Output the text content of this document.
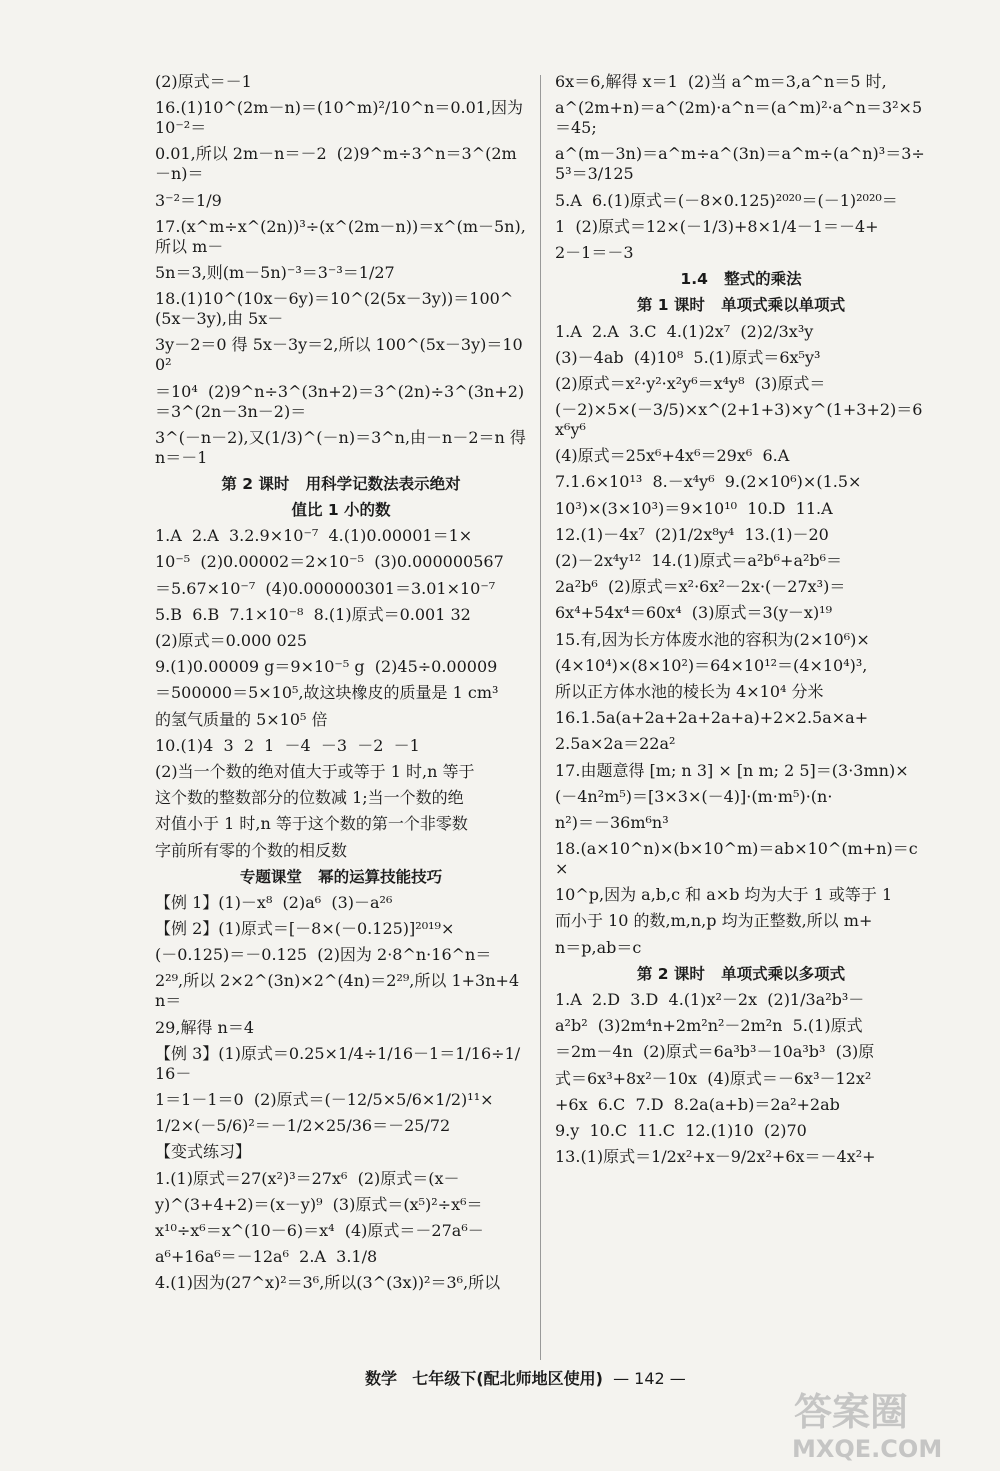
(2)原式＝－1
16.(1)10^(2m－n)＝(10^m)²/10^n＝0.01,因为 10⁻²＝
0.01,所以 2m－n＝－2  (2)9^m÷3^n＝3^(2m－n)＝
3⁻²＝1/9
17.(x^m÷x^(2n))³÷(x^(2m－n))＝x^(m－5n),所以 m－
5n＝3,则(m－5n)⁻³＝3⁻³＝1/27
18.(1)10^(10x－6y)＝10^(2(5x－3y))＝100^(5x－3y),由 5x－
3y－2＝0 得 5x－3y＝2,所以 100^(5x－3y)＝100²
＝10⁴  (2)9^n÷3^(3n+2)＝3^(2n)÷3^(3n+2)＝3^(2n－3n－2)＝
3^(－n－2),又(1/3)^(－n)＝3^n,由－n－2＝n 得 n＝－1
第 2 课时   用科学记数法表示绝对
值比 1 小的数
1.A  2.A  3.2.9×10⁻⁷  4.(1)0.00001＝1×
10⁻⁵  (2)0.00002＝2×10⁻⁵  (3)0.000000567
＝5.67×10⁻⁷  (4)0.000000301＝3.01×10⁻⁷
5.B  6.B  7.1×10⁻⁸  8.(1)原式＝0.001 32
(2)原式＝0.000 025
9.(1)0.00009 g＝9×10⁻⁵ g  (2)45÷0.00009
＝500000＝5×10⁵,故这块橡皮的质量是 1 cm³
的氢气质量的 5×10⁵ 倍
10.(1)4  3  2  1  －4  －3  －2  －1
(2)当一个数的绝对值大于或等于 1 时,n 等于
这个数的整数部分的位数减 1;当一个数的绝
对值小于 1 时,n 等于这个数的第一个非零数
字前所有零的个数的相反数
专题课堂   幂的运算技能技巧
【例 1】(1)－x⁸  (2)a⁶  (3)－a²⁶
【例 2】(1)原式＝[－8×(－0.125)]²⁰¹⁹×
(－0.125)＝－0.125  (2)因为 2·8^n·16^n＝
2²⁹,所以 2×2^(3n)×2^(4n)＝2²⁹,所以 1+3n+4n＝
29,解得 n＝4
【例 3】(1)原式＝0.25×1/4÷1/16－1＝1/16÷1/16－
1＝1－1＝0  (2)原式＝(－12/5×5/6×1/2)¹¹×
1/2×(－5/6)²＝－1/2×25/36＝－25/72
【变式练习】
1.(1)原式＝27(x²)³＝27x⁶  (2)原式＝(x－
y)^(3+4+2)＝(x－y)⁹  (3)原式＝(x⁵)²÷x⁶＝
x¹⁰÷x⁶＝x^(10－6)＝x⁴  (4)原式＝－27a⁶－
a⁶+16a⁶＝－12a⁶  2.A  3.1/8
4.(1)因为(27^x)²＝3⁶,所以(3^(3x))²＝3⁶,所以
6x＝6,解得 x＝1  (2)当 a^m＝3,a^n＝5 时,
a^(2m+n)＝a^(2m)·a^n＝(a^m)²·a^n＝3²×5＝45;
a^(m－3n)＝a^m÷a^(3n)＝a^m÷(a^n)³＝3÷5³＝3/125
5.A  6.(1)原式＝(－8×0.125)²⁰²⁰＝(－1)²⁰²⁰＝
1  (2)原式＝12×(－1/3)+8×1/4－1＝－4+
2－1＝－3
1.4   整式的乘法
第 1 课时   单项式乘以单项式
1.A  2.A  3.C  4.(1)2x⁷  (2)2/3x³y
(3)－4ab  (4)10⁸  5.(1)原式＝6x⁵y³
(2)原式＝x²·y²·x²y⁶＝x⁴y⁸  (3)原式＝
(－2)×5×(－3/5)×x^(2+1+3)×y^(1+3+2)＝6x⁶y⁶
(4)原式＝25x⁶+4x⁶＝29x⁶  6.A
7.1.6×10¹³  8.－x⁴y⁶  9.(2×10⁶)×(1.5×
10³)×(3×10³)＝9×10¹⁰  10.D  11.A
12.(1)－4x⁷  (2)1/2x⁸y⁴  13.(1)－20
(2)－2x⁴y¹²  14.(1)原式＝a²b⁶+a²b⁶＝
2a²b⁶  (2)原式＝x²·6x²－2x·(－27x³)＝
6x⁴+54x⁴＝60x⁴  (3)原式＝3(y－x)¹⁹
15.有,因为长方体废水池的容积为(2×10⁶)×
(4×10⁴)×(8×10²)＝64×10¹²＝(4×10⁴)³,
所以正方体水池的棱长为 4×10⁴ 分米
16.1.5a(a+2a+2a+2a+a)+2×2.5a×a+
2.5a×2a＝22a²
17.由题意得 [m; n 3] × [n m; 2 5]＝(3·3mn)×
(－4n²m⁵)＝[3×3×(－4)]·(m·m⁵)·(n·
n²)＝－36m⁶n³
18.(a×10^n)×(b×10^m)＝ab×10^(m+n)＝c×
10^p,因为 a,b,c 和 a×b 均为大于 1 或等于 1
而小于 10 的数,m,n,p 均为正整数,所以 m+
n＝p,ab＝c
第 2 课时   单项式乘以多项式
1.A  2.D  3.D  4.(1)x²－2x  (2)1/3a²b³－
a²b²  (3)2m⁴n+2m²n²－2m²n  5.(1)原式
＝2m－4n  (2)原式＝6a³b³－10a³b³  (3)原
式＝6x³+8x²－10x  (4)原式＝－6x³－12x²
+6x  6.C  7.D  8.2a(a+b)＝2a²+2ab
9.y  10.C  11.C  12.(1)10  (2)70
13.(1)原式＝1/2x²+x－9/2x²+6x＝－4x²+
数学 七年级下(配北师地区使用) — 142 —
答案圈
MXQE.COM
